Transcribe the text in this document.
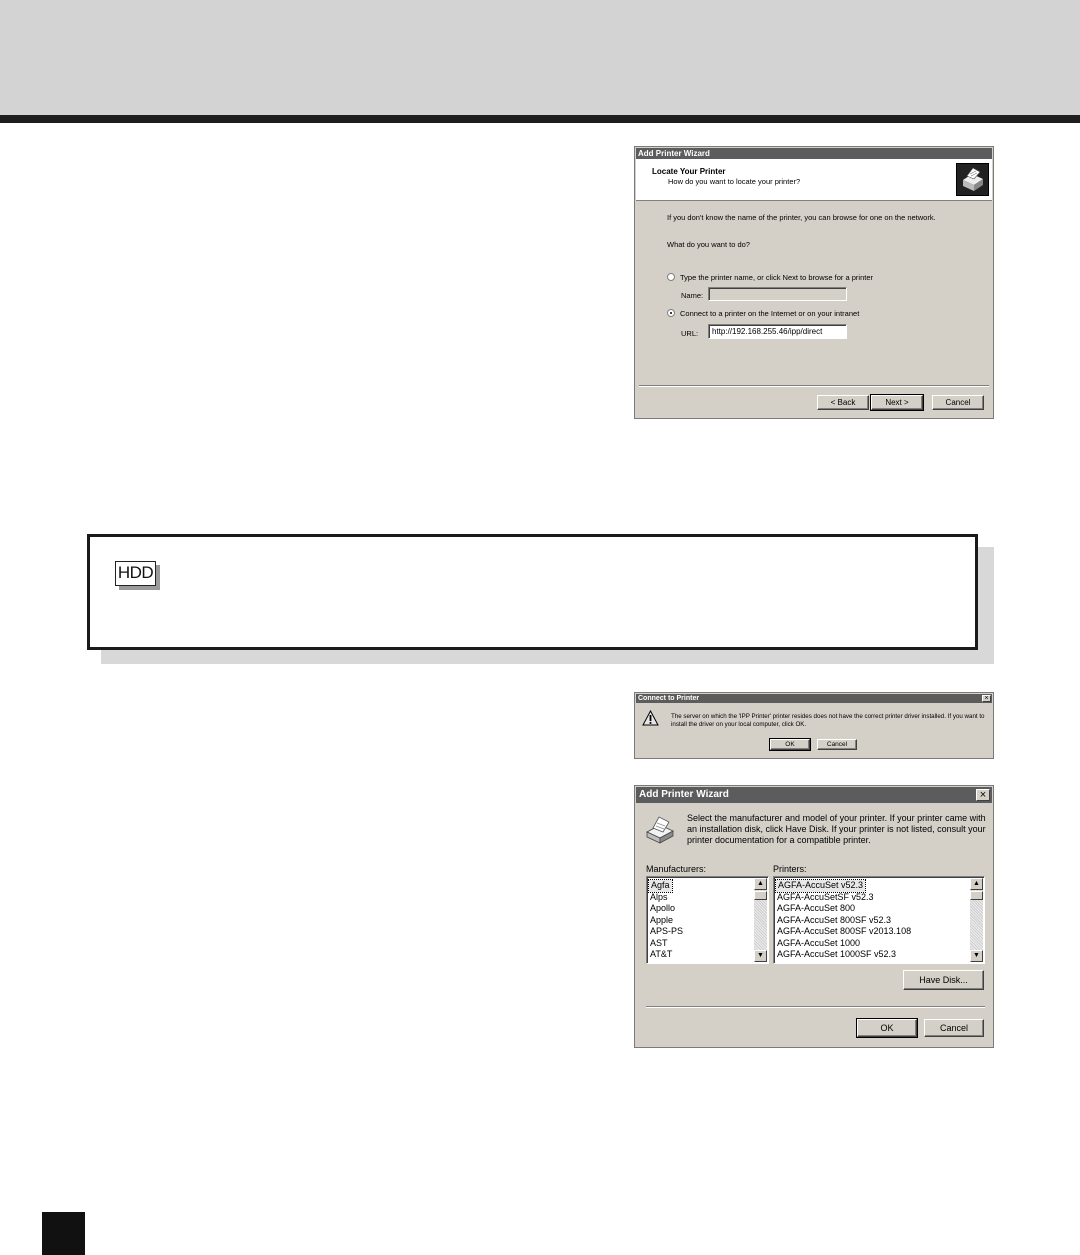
Add Printer Wizard
Locate Your Printer
How do you want to locate your printer?
If you don't know the name of the printer, you can browse for one on the network.
What do you want to do?
Type the printer name, or click Next to browse for a printer
Name:
Connect to a printer on the Internet or on your intranet
URL:	http://192.168.255.46/ipp/direct
< Back	Next >	Cancel
HDD
Connect to Printer	×
The server on which the 'IPP Printer' printer resides does not have the correct printer driver installed. If you want to
install the driver on your local computer, click OK.
OK	Cancel
Add Printer Wizard	×
Select the manufacturer and model of your printer. If your printer came with
an installation disk, click Have Disk. If your printer is not listed, consult your
printer documentation for a compatible printer.
Manufacturers:	Printers:
Agfa
Alps
Apollo
Apple
APS-PS
AST
AT&T
▲
▼
AGFA-AccuSet v52.3
AGFA-AccuSetSF v52.3
AGFA-AccuSet 800
AGFA-AccuSet 800SF v52.3
AGFA-AccuSet 800SF v2013.108
AGFA-AccuSet 1000
AGFA-AccuSet 1000SF v52.3
▲
▼
Have Disk...
OK	Cancel
